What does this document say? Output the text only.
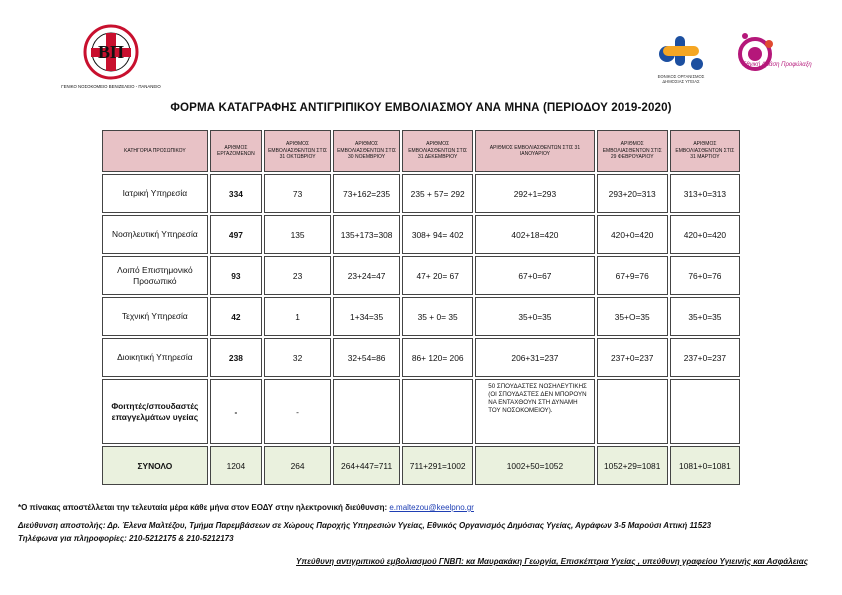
ΒΠ
ΓΕΝΙΚΟ ΝΟΣΟΚΟΜΕΙΟ ΒΕΝΙΖΕΛΕΙΟ - ΠΑΝΑΝΕΙΟ
ΕΘΝΙΚΟΣ ΟΡΓΑΝΙΣΜΟΣ ΔΗΜΟΣΙΑΣ ΥΓΕΙΑΣ
Εθνική Δράση Προφύλαξη
ΦΟΡΜΑ ΚΑΤΑΓΡΑΦΗΣ ΑΝΤΙΓΡΙΠΙΚΟΥ ΕΜΒΟΛΙΑΣΜΟΥ ΑΝΑ ΜΗΝΑ (ΠΕΡΙΟΔΟΥ 2019-2020)
ΚΑΤΗΓΟΡΙΑ ΠΡΟΣΩΠΙΚΟΥ	ΑΡΙΘΜΟΣ ΕΡΓΑΖΟΜΕΝΩΝ	ΑΡΙΘΜΟΣ ΕΜΒΟΛΙΑΣΘΕΝΤΩΝ ΣΤΙΣ 31 ΟΚΤΩΒΡΙΟΥ	ΑΡΙΘΜΟΣ ΕΜΒΟΛΙΑΣΘΕΝΤΩΝ ΣΤΙΣ 30 ΝΟΕΜΒΡΙΟΥ	ΑΡΙΘΜΟΣ ΕΜΒΟΛΙΑΣΘΕΝΤΩΝ ΣΤΙΣ 31 ΔΕΚΕΜΒΡΙΟΥ	ΑΡΙΘΜΟΣ ΕΜΒΟΛΙΑΣΘΕΝΤΩΝ ΣΤΙΣ 31 ΙΑΝΟΥΑΡΙΟΥ	ΑΡΙΘΜΟΣ ΕΜΒΟΛΙΑΣΘΕΝΤΩΝ ΣΤΙΣ 29 ΦΕΒΡΟΥΑΡΙΟΥ	ΑΡΙΘΜΟΣ ΕΜΒΟΛΙΑΣΘΕΝΤΩΝ ΣΤΙΣ 31 ΜΑΡΤΙΟΥ
Ιατρική Υπηρεσία	334	73	73+162=235	235 + 57= 292	292+1=293	293+20=313	313+0=313
Νοσηλευτική Υπηρεσία	497	135	135+173=308	308+ 94= 402	402+18=420	420+0=420	420+0=420
Λοιπό Επιστημονικό Προσωπικό	93	23	23+24=47	47+ 20= 67	67+0=67	67+9=76	76+0=76
Τεχνική Υπηρεσία	42	1	1+34=35	35 + 0= 35	35+0=35	35+O=35	35+0=35
Διοικητική Υπηρεσία	238	32	32+54=86	86+ 120= 206	206+31=237	237+0=237	237+0=237
Φοιτητές/σπουδαστές επαγγελμάτων υγείας	-	-			50 ΣΠΟΥΔΑΣΤΕΣ ΝΟΣΗΛΕΥΤΙΚΗΣ (ΟΙ ΣΠΟΥΔΑΣΤΕΣ ΔΕΝ ΜΠΟΡΟΥΝ ΝΑ ΕΝΤΑΧΘΟΥΝ ΣΤΗ ΔΥΝΑΜΗ ΤΟΥ ΝΟΣΟΚΟΜΕΙΟΥ).		
ΣΥΝΟΛΟ	1204	264	264+447=711	711+291=1002	1002+50=1052	1052+29=1081	1081+0=1081
*Ο πίνακας αποστέλλεται την τελευταία μέρα κάθε μήνα στον ΕΟΔΥ στην ηλεκτρονική διεύθυνση: e.maltezou@keelpno.gr
Διεύθυνση αποστολής: Δρ. Έλενα Μαλτέζου, Τμήμα Παρεμβάσεων σε Χώρους Παροχής Υπηρεσιών Υγείας, Εθνικός Οργανισμός Δημόσιας Υγείας, Αγράφων 3-5 Μαρούσι Αττική 11523
Τηλέφωνα για πληροφορίες: 210-5212175 & 210-5212173
Υπεύθυνη αντιγριπικού εμβολιασμού ΓΝΒΠ: κα Μαυρακάκη Γεωργία, Επισκέπτρια Υγείας , υπεύθυνη γραφείου Υγιεινής και Ασφάλειας
